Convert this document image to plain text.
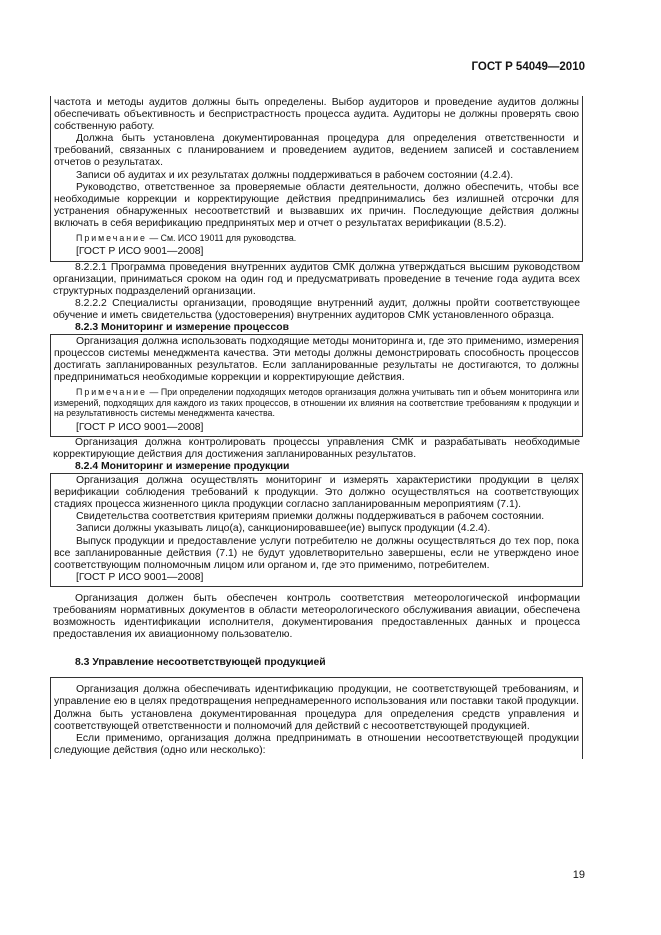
ГОСТ Р 54049—2010

частота и методы аудитов должны быть определены. Выбор аудиторов и проведение аудитов должны обеспечивать объективность и беспристрастность процесса аудита. Аудиторы не должны проверять свою собственную работу.

Должна быть установлена документированная процедура для определения ответственности и требований, связанных с планированием и проведением аудитов, ведением записей и составлением отчетов о результатах.

Записи об аудитах и их результатах должны поддерживаться в рабочем состоянии (4.2.4).

Руководство, ответственное за проверяемые области деятельности, должно обеспечить, чтобы все необходимые коррекции и корректирующие действия предпринимались без излишней отсрочки для устранения обнаруженных несоответствий и вызвавших их причин. Последующие действия должны включать в себя верификацию предпринятых мер и отчет о результатах верификации (8.5.2).

Примечание — См. ИСО 19011 для руководства.

[ГОСТ Р ИСО 9001—2008]

8.2.2.1 Программа проведения внутренних аудитов СМК должна утверждаться высшим руководством организации, приниматься сроком на один год и предусматривать проведение в течение года аудита всех структурных подразделений организации.

8.2.2.2 Специалисты организации, проводящие внутренний аудит, должны пройти соответствующее обучение и иметь свидетельства (удостоверения) внутренних аудиторов СМК установленного образца.

8.2.3 Мониторинг и измерение процессов

Организация должна использовать подходящие методы мониторинга и, где это применимо, измерения процессов системы менеджмента качества. Эти методы должны демонстрировать способность процессов достигать запланированных результатов. Если запланированные результаты не достигаются, то должны предприниматься необходимые коррекции и корректирующие действия.

Примечание — При определении подходящих методов организация должна учитывать тип и объем мониторинга или измерений, подходящих для каждого из таких процессов, в отношении их влияния на соответствие требованиям к продукции и на результативность системы менеджмента качества.

[ГОСТ Р ИСО 9001—2008]

Организация должна контролировать процессы управления СМК и разрабатывать необходимые корректирующие действия для достижения запланированных результатов.

8.2.4 Мониторинг и измерение продукции

Организация должна осуществлять мониторинг и измерять характеристики продукции в целях верификации соблюдения требований к продукции. Это должно осуществляться на соответствующих стадиях процесса жизненного цикла продукции согласно запланированным мероприятиям (7.1).

Свидетельства соответствия критериям приемки должны поддерживаться в рабочем состоянии.

Записи должны указывать лицо(а), санкционировавшее(ие) выпуск продукции (4.2.4).

Выпуск продукции и предоставление услуги потребителю не должны осуществляться до тех пор, пока все запланированные действия (7.1) не будут удовлетворительно завершены, если не утверждено иное соответствующим полномочным лицом или органом и, где это применимо, потребителем.

[ГОСТ Р ИСО 9001—2008]

Организация должен быть обеспечен контроль соответствия метеорологической информации требованиям нормативных документов в области метеорологического обслуживания авиации, обеспечена возможность идентификации исполнителя, документирования предоставленных данных и процесса предоставления их авиационному пользователю.

8.3 Управление несоответствующей продукцией

Организация должна обеспечивать идентификацию продукции, не соответствующей требованиям, и управление ею в целях предотвращения непреднамеренного использования или поставки такой продукции. Должна быть установлена документированная процедура для определения средств управления и соответствующей ответственности и полномочий для действий с несоответствующей продукцией.

Если применимо, организация должна предпринимать в отношении несоответствующей продукции следующие действия (одно или несколько):

19
